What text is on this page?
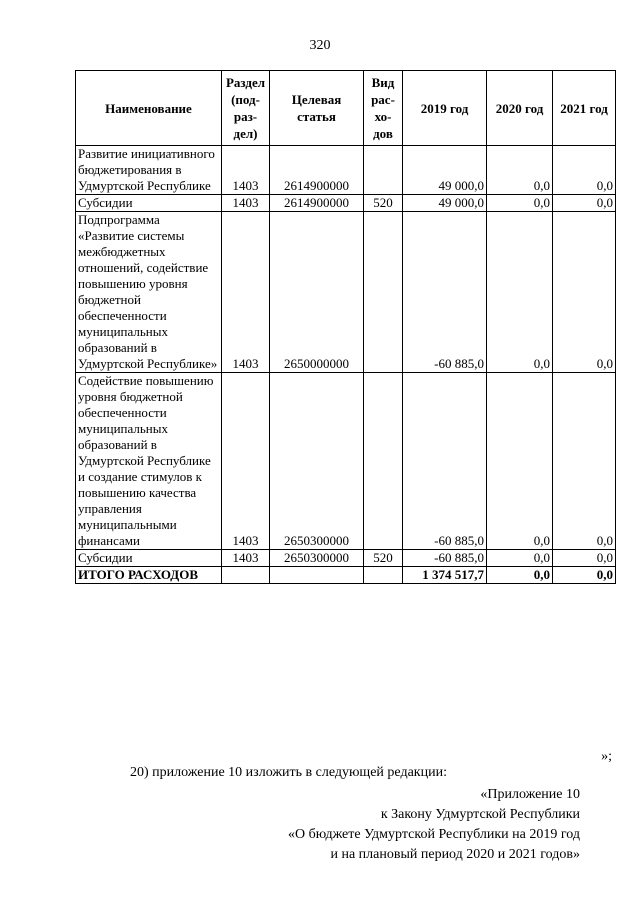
320
Наименование	Раздел (под-раз-дел)	Целевая статья	Вид рас-хо-дов	2019 год	2020 год	2021 год
Развитие инициативного бюджетирования в Удмуртской Республике	1403	2614900000		49 000,0	0,0	0,0
Субсидии	1403	2614900000	520	49 000,0	0,0	0,0
Подпрограмма «Развитие системы межбюджетных отношений, содействие повышению уровня бюджетной обеспеченности муниципальных образований в Удмуртской Республике»	1403	2650000000		-60 885,0	0,0	0,0
Содействие повышению уровня бюджетной обеспеченности муниципальных образований в Удмуртской Республике и создание стимулов к повышению качества управления муниципальными финансами	1403	2650300000		-60 885,0	0,0	0,0
Субсидии	1403	2650300000	520	-60 885,0	0,0	0,0
ИТОГО РАСХОДОВ				1 374 517,7	0,0	0,0
»;
20) приложение 10 изложить в следующей редакции:
«Приложение 10
к Закону Удмуртской Республики
«О бюджете Удмуртской Республики на 2019 год
и на плановый период 2020 и 2021 годов»
